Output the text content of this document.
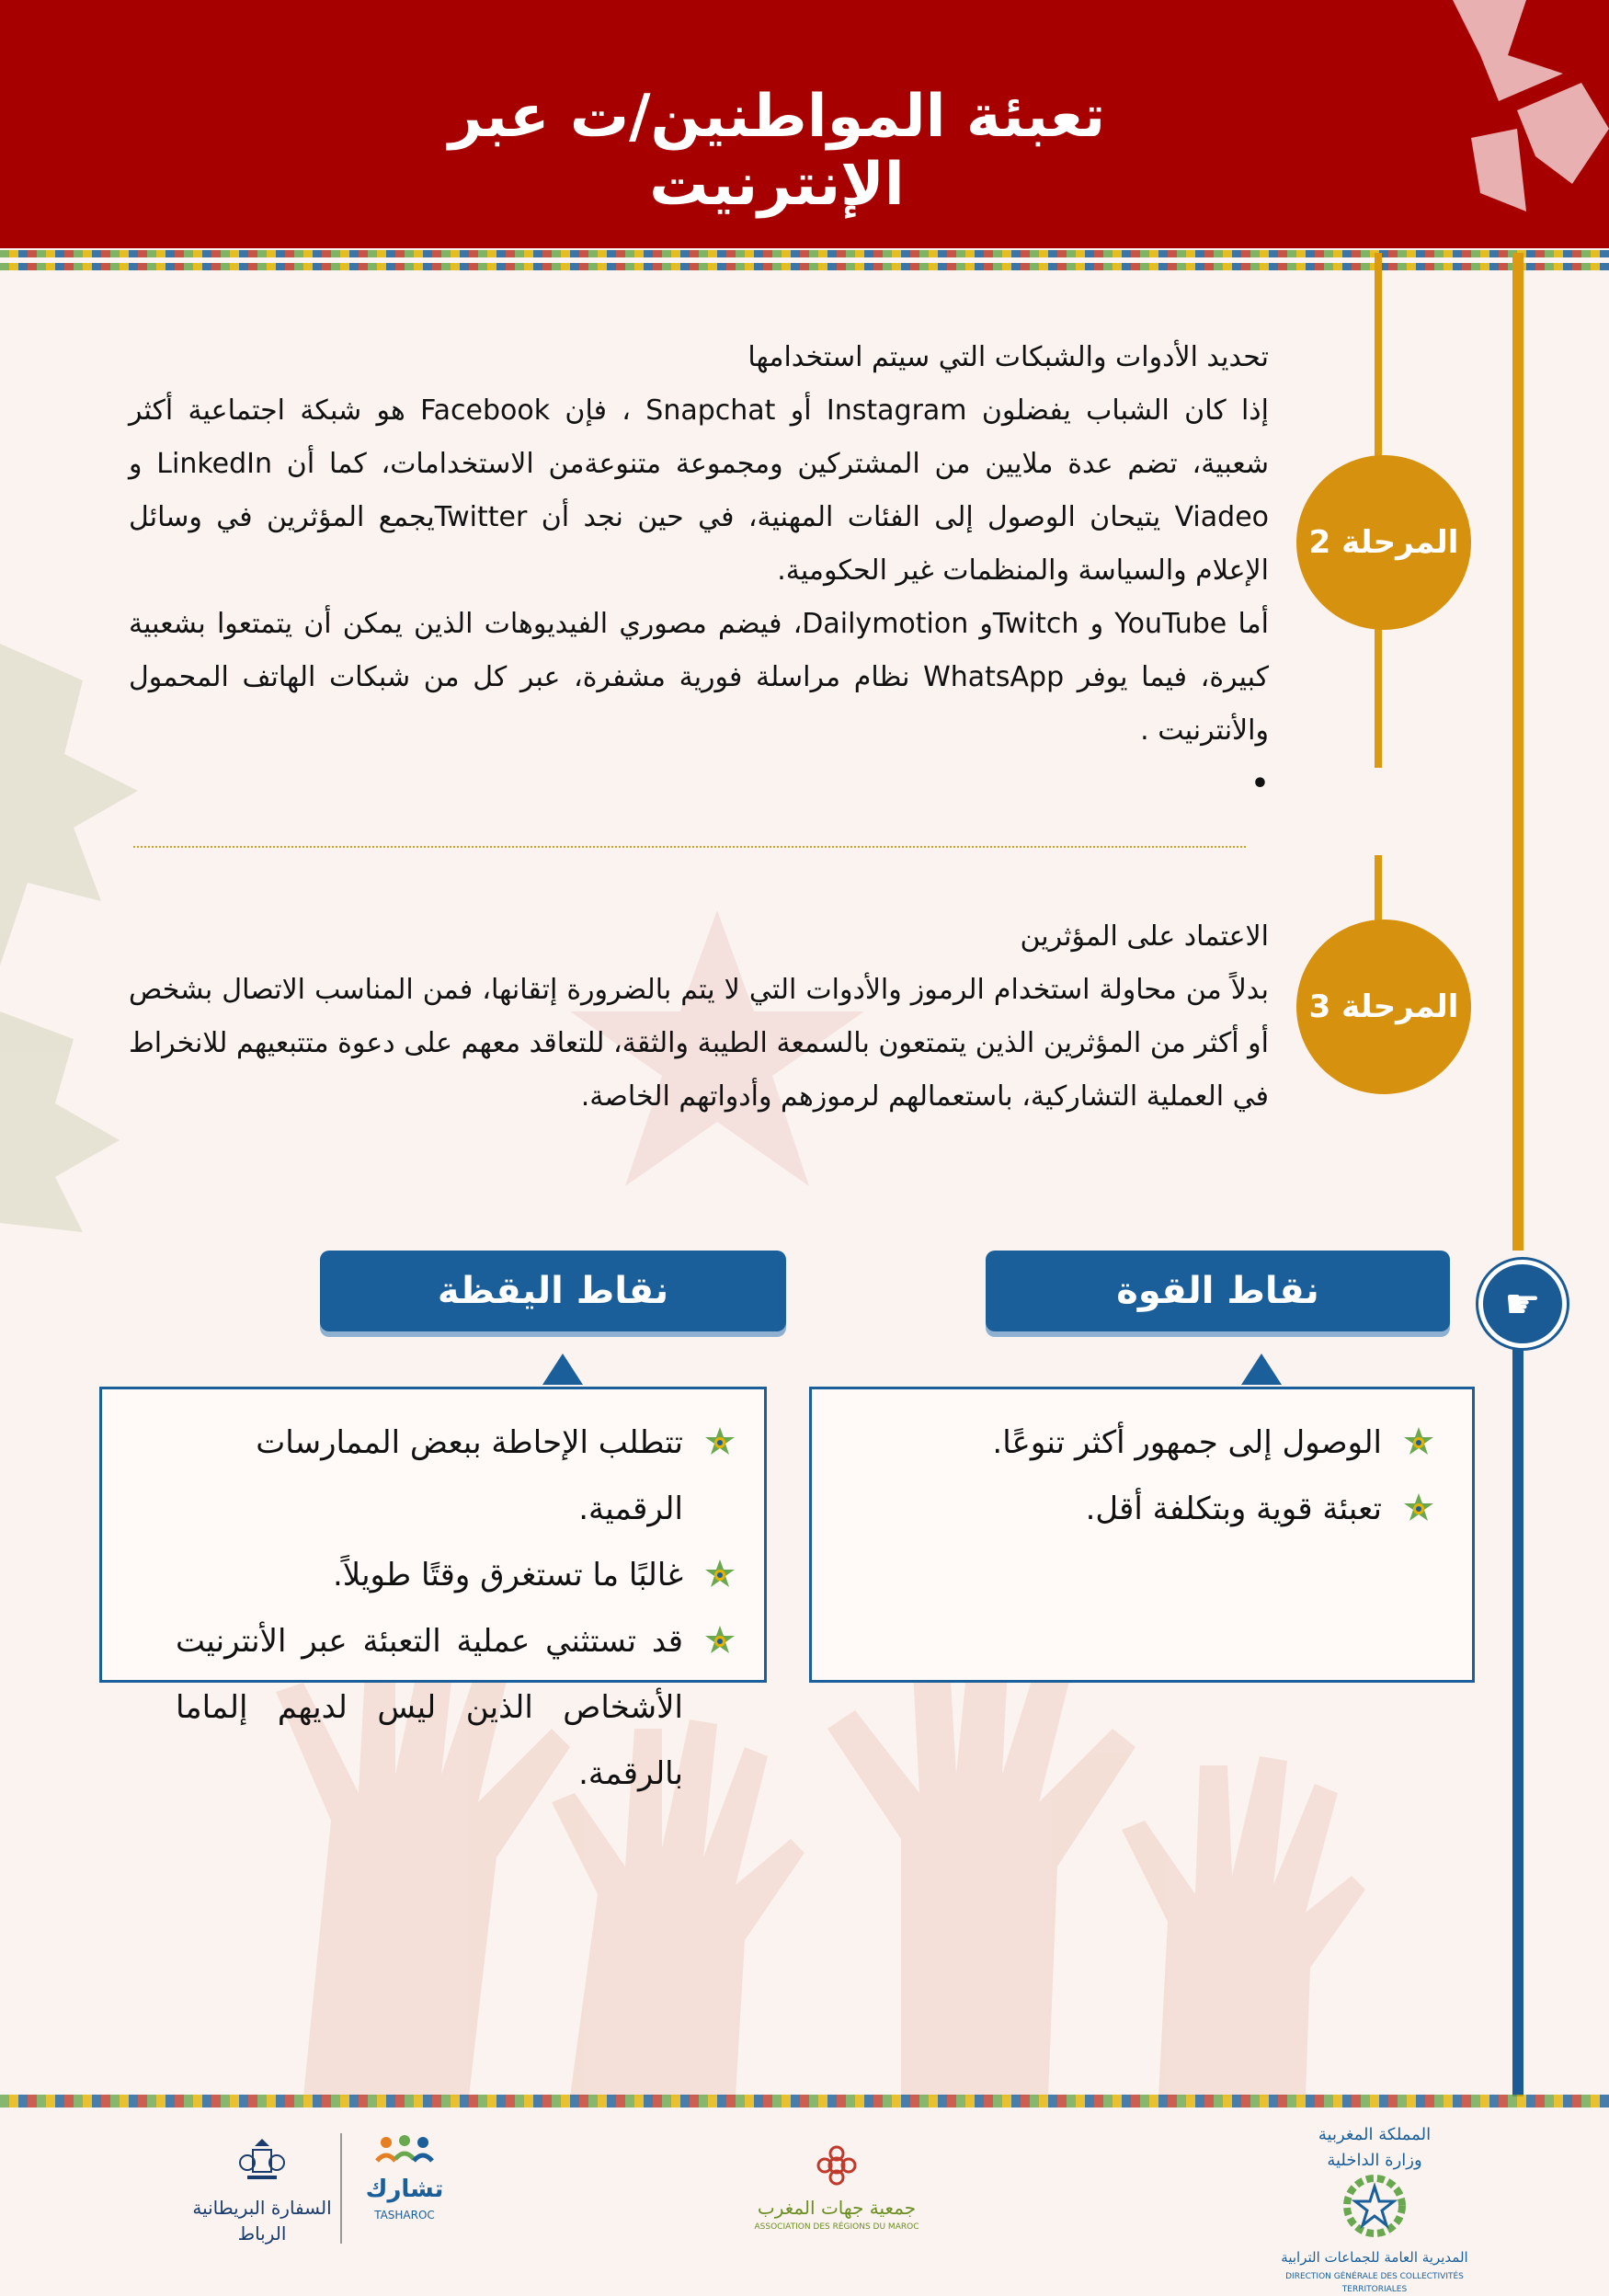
تعبئة المواطنين/ت عبر الإنترنيت
المرحلة 2

تحديد الأدوات والشبكات التي سيتم استخدامها

إذا كان الشباب يفضلون Instagram أو Snapchat ، فإن Facebook هو شبكة اجتماعية أكثر شعبية، تضم عدة ملايين من المشتركين ومجموعة متنوعةمن الاستخدامات، كما أن LinkedIn و Viadeo يتيحان الوصول إلى الفئات المهنية، في حين نجد أن Twitterيجمع المؤثرين في وسائل الإعلام والسياسة والمنظمات غير الحكومية.

أما YouTube و Twitchو Dailymotion، فيضم مصوري الفيديوهات الذين يمكن أن يتمتعوا بشعبية كبيرة، فيما يوفر WhatsApp نظام مراسلة فورية مشفرة، عبر كل من شبكات الهاتف المحمول والأنترنيت .

•

المرحلة 3

الاعتماد على المؤثرين

بدلاً من محاولة استخدام الرموز والأدوات التي لا يتم بالضرورة إتقانها، فمن المناسب الاتصال بشخص أو أكثر من المؤثرين الذين يتمتعون بالسمعة الطيبة والثقة، للتعاقد معهم على دعوة متتبعيهم للانخراط في العملية التشاركية، باستعمالهم لرموزهم وأدواتهم الخاصة.

☛
نقاط القوة
نقاط اليقظة
الوصول إلى جمهور أكثر تنوعًا.
تعبئة قوية وبتكلفة أقل.
تتطلب الإحاطة ببعض الممارسات الرقمية.
غالبًا ما تستغرق وقتًا طويلاً.
قد تستثني عملية التعبئة عبر الأنترنيت الأشخاص الذين ليس لديهم إلماما بالرقمة.
المملكة المغربية
وزارة الداخلية
المديرية العامة للجماعات الترابية
DIRECTION GÉNÉRALE DES COLLECTIVITÉS TERRITORIALES
جمعية جهات المغرب
ASSOCIATION DES RÉGIONS DU MAROC
تشارك
TASHAROC
السفارة البريطانية
الرباط
